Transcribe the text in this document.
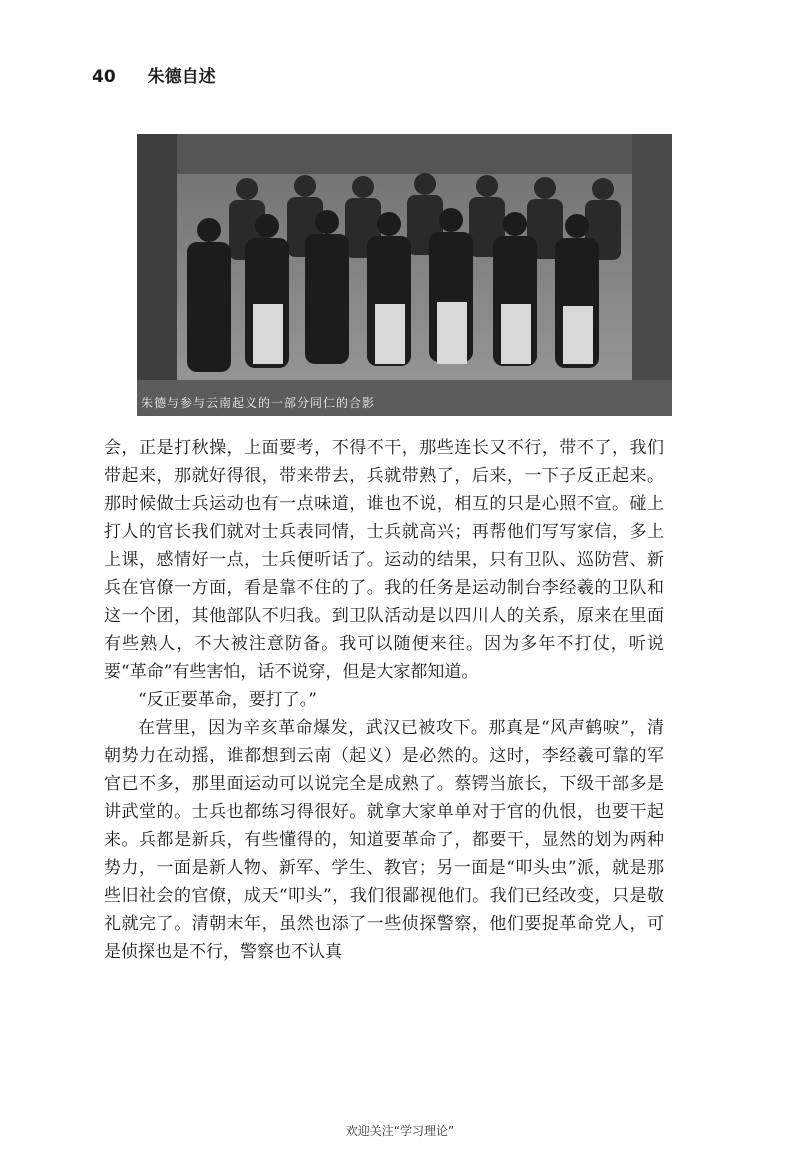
40 朱德自述
朱德与参与云南起义的一部分同仁的合影

会，正是打秋操，上面要考，不得不干，那些连长又不行，带不了，我们带起来，那就好得很，带来带去，兵就带熟了，后来，一下子反正起来。那时候做士兵运动也有一点味道，谁也不说，相互的只是心照不宣。碰上打人的官长我们就对士兵表同情，士兵就高兴；再帮他们写写家信，多上上课，感情好一点，士兵便听话了。运动的结果，只有卫队、巡防营、新兵在官僚一方面，看是靠不住的了。我的任务是运动制台李经羲的卫队和这一个团，其他部队不归我。到卫队活动是以四川人的关系，原来在里面有些熟人，不大被注意防备。我可以随便来往。因为多年不打仗，听说要“革命”有些害怕，话不说穿，但是大家都知道。

“反正要革命，要打了。”

在营里，因为辛亥革命爆发，武汉已被攻下。那真是“风声鹤唳”，清朝势力在动摇，谁都想到云南（起义）是必然的。这时，李经羲可靠的军官已不多，那里面运动可以说完全是成熟了。蔡锷当旅长，下级干部多是讲武堂的。士兵也都练习得很好。就拿大家单单对于官的仇恨，也要干起来。兵都是新兵，有些懂得的，知道要革命了，都要干，显然的划为两种势力，一面是新人物、新军、学生、教官；另一面是“叩头虫”派，就是那些旧社会的官僚，成天“叩头”，我们很鄙视他们。我们已经改变，只是敬礼就完了。清朝末年，虽然也添了一些侦探警察，他们要捉革命党人，可是侦探也是不行，警察也不认真

欢迎关注“学习理论”
